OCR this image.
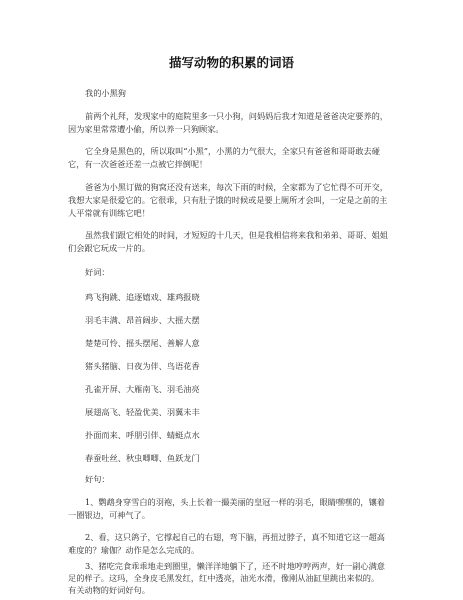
描写动物的积累的词语
我的小黑狗
前两个礼拜，发现家中的庭院里多一只小狗，问妈妈后我才知道是爸爸决定要养的，
因为家里常常遭小偷，所以养一只狗顾家。
它全身是黑色的，所以取叫“小黑”，小黑的力气很大，全家只有爸爸和哥哥敢去碰
它，有一次爸爸还差一点被它拌倒呢！
爸爸为小黑订做的狗窝还没有送来，每次下雨的时候，全家都为了它忙得不可开交，
我想大家是很爱它的。它很乖，只有肚子饿的时候或是要上厕所才会叫，一定是之前的主
人平常就有训练它吧！
虽然我们跟它相处的时间，才短短的十几天，但是我相信将来我和弟弟、哥哥、姐姐
们会跟它玩成一片的。
好词：
鸡飞狗跳、追逐嬉戏、雄鸡报晓
羽毛丰满、昂首阔步、大摇大摆
楚楚可怜、摇头摆尾、善解人意
猪头猪脑、日夜为伴、鸟语花香
孔雀开屏、大雁南飞、羽毛油亮
展翅高飞、轻盈优美、羽翼未丰
扑面而来、呼朋引伴、蜻蜓点水
春蚕吐丝、秋虫唧唧、鱼跃龙门
好句：
1、鹦鹉身穿雪白的羽袍，头上长着一撮美丽的皇冠一样的羽毛，眼睛嘿嘿的，镶着
一圈银边，可神气了。
2、看，这只鸽子，它撑起自己的右翅，弯下脑，再扭过脖子，真不知道它这一超高
难度的？瑜伽？动作是怎么完成的。
3、猪吃完食乖乖地走到圈里，懒洋洋地躺下了，还不时地哼哼两声，好一副心满意
足的样子。这玛，全身皮毛黑发红，红中透亮，油光水滑，像刚从油缸里跳出来似的。
有关动物的好词好句。
